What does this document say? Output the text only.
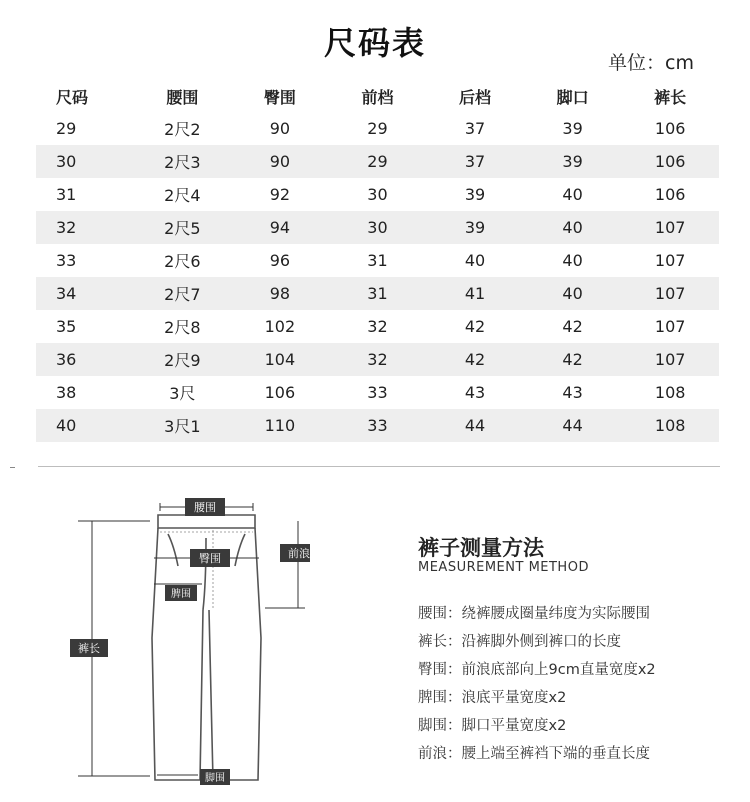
尺码表
单位：cm
尺码	腰围	臀围	前档	后档	脚口	裤长
29	2尺2	90	29	37	39	106
30	2尺3	90	29	37	39	106
31	2尺4	92	30	39	40	106
32	2尺5	94	30	39	40	107
33	2尺6	96	31	40	40	107
34	2尺7	98	31	41	40	107
35	2尺8	102	32	42	42	107
36	2尺9	104	32	42	42	107
38	3尺	106	33	43	43	108
40	3尺1	110	33	44	44	108
腰围
臀围	前浪
脾围
裤长
脚围
裤子测量方法
MEASUREMENT METHOD
腰围：绕裤腰成圈量纬度为实际腰围
裤长：沿裤脚外侧到裤口的长度
臀围：前浪底部向上9cm直量宽度x2
脾围：浪底平量宽度x2
脚围：脚口平量宽度x2
前浪：腰上端至裤裆下端的垂直长度
